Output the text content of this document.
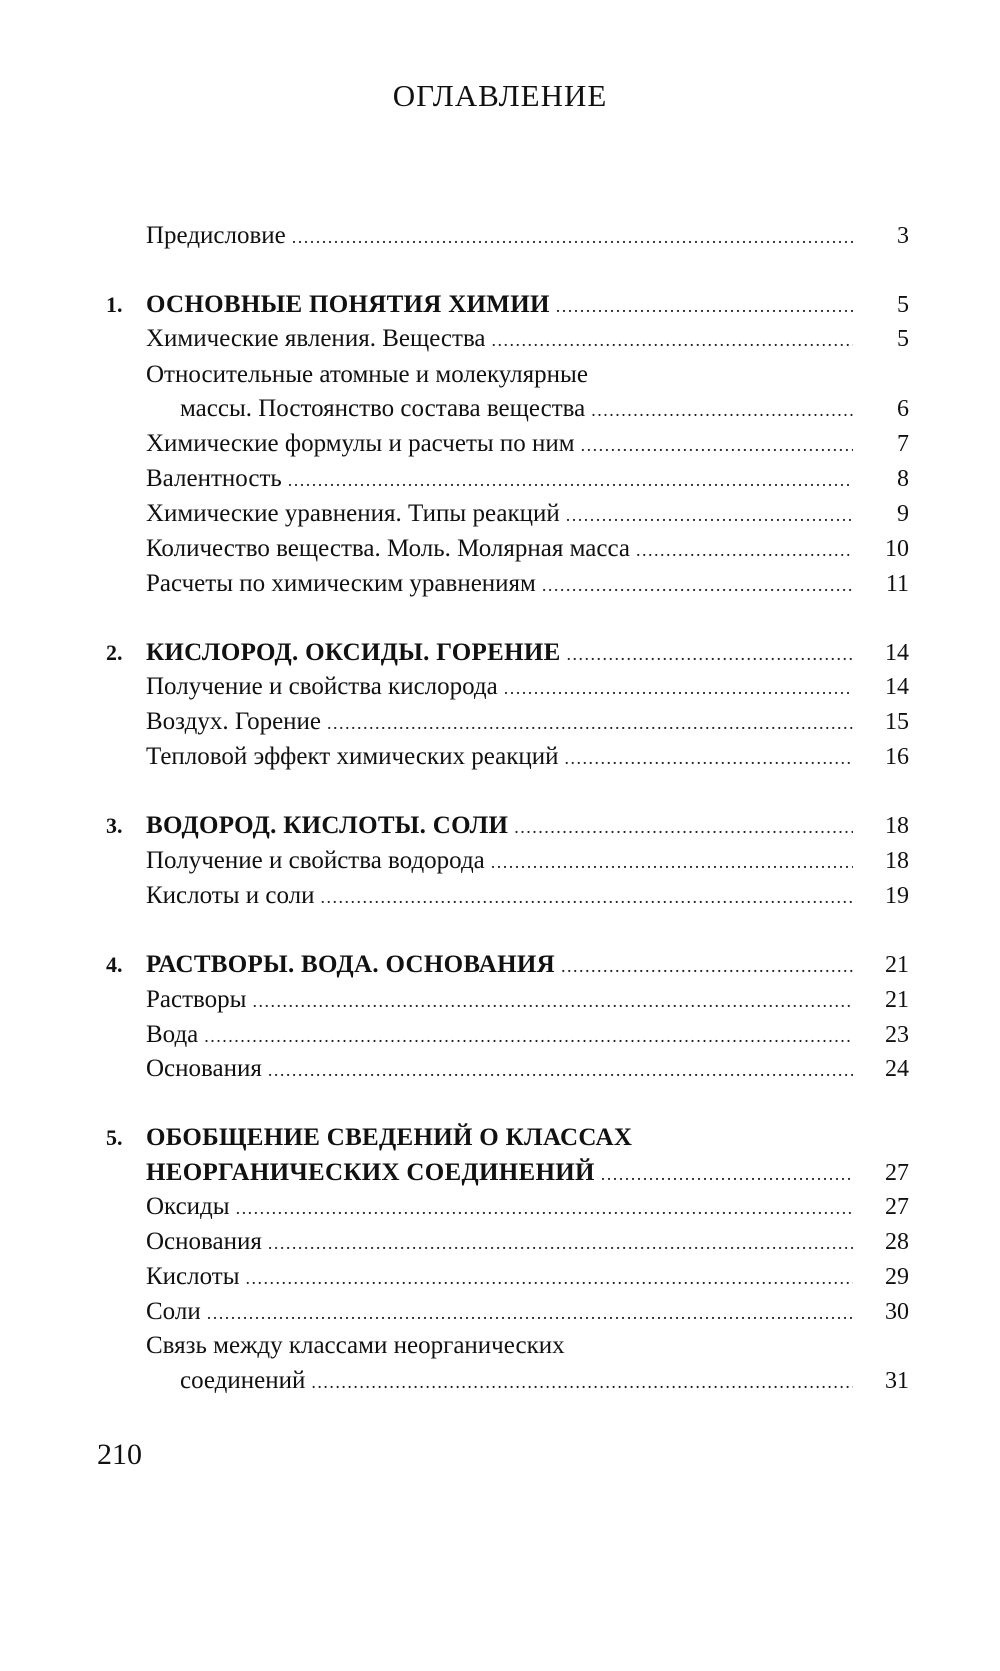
ОГЛАВЛЕНИЕ
Предисловие .....	3
1. ОСНОВНЫЕ ПОНЯТИЯ ХИМИИ .....	5
Химические явления. Вещества .....	5
Относительные атомные и молекулярные
массы. Постоянство состава вещества .....	6
Химические формулы и расчеты по ним .....	7
Валентность .....	8
Химические уравнения. Типы реакций .....	9
Количество вещества. Моль. Молярная масса .....	10
Расчеты по химическим уравнениям .....	11
2. КИСЛОРОД. ОКСИДЫ. ГОРЕНИЕ .....	14
Получение и свойства кислорода .....	14
Воздух. Горение .....	15
Тепловой эффект химических реакций .....	16
3. ВОДОРОД. КИСЛОТЫ. СОЛИ .....	18
Получение и свойства водорода .....	18
Кислоты и соли .....	19
4. РАСТВОРЫ. ВОДА. ОСНОВАНИЯ .....	21
Растворы .....	21
Вода .....	23
Основания .....	24
5. ОБОБЩЕНИЕ СВЕДЕНИЙ О КЛАССАХ
НЕОРГАНИЧЕСКИХ СОЕДИНЕНИЙ .....	27
Оксиды .....	27
Основания .....	28
Кислоты .....	29
Соли .....	30
Связь между классами неорганических
соединений .....	31
210
